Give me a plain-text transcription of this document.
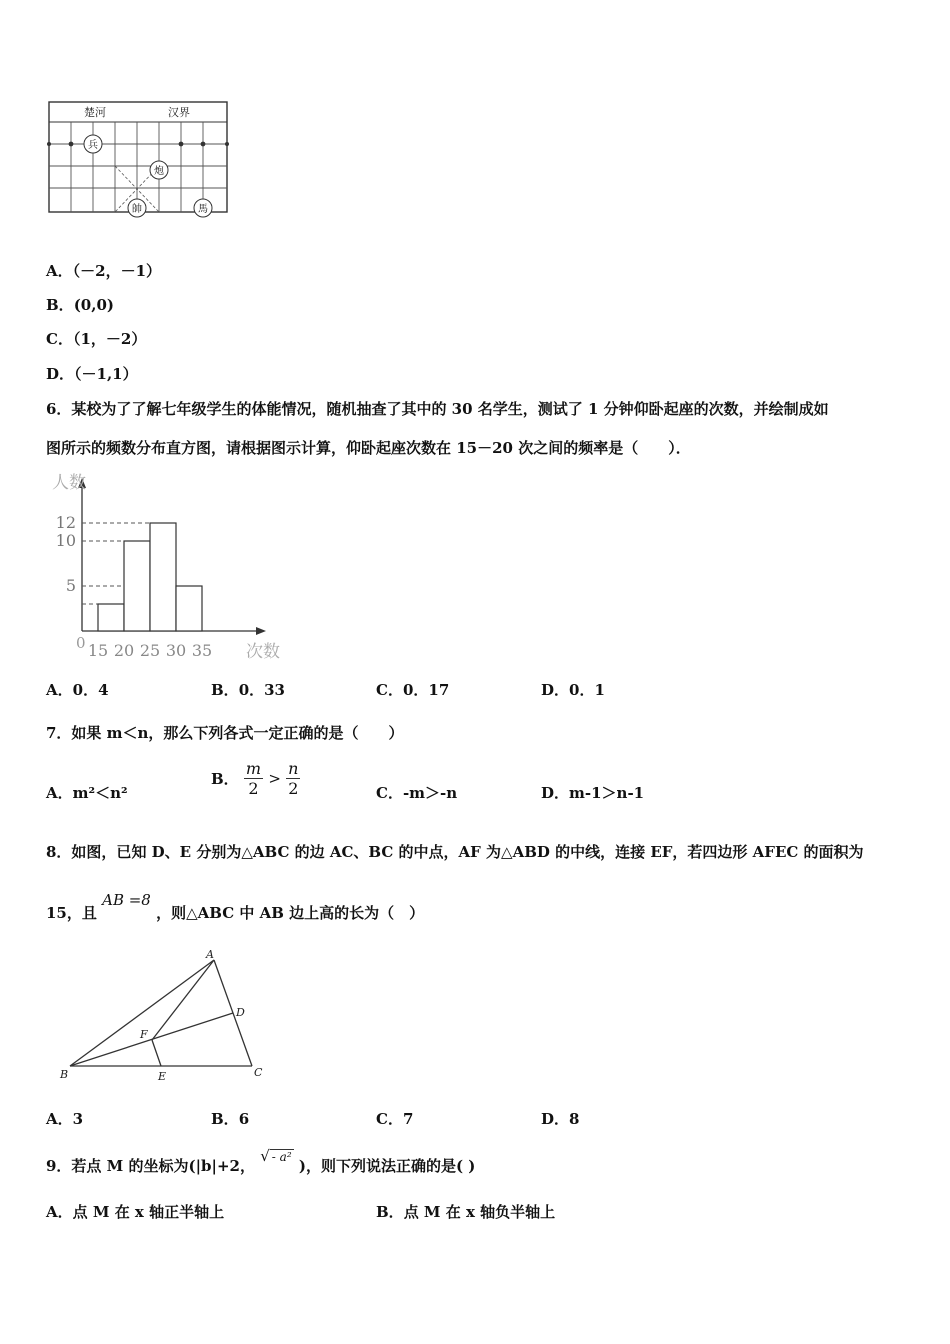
楚河	汉界
兵
炮
帥	馬
A．（－2，－1）
B．(0,0)
C．（1，－2）
D．（－1,1）
6．某校为了了解七年级学生的体能情况，随机抽查了其中的 30 名学生，测试了 1 分钟仰卧起座的次数，并绘制成如
图所示的频数分布直方图，请根据图示计算，仰卧起座次数在 15－20 次之间的频率是（　　）．
人数
次数
0
5
10
12
15 20 25 30 35
A．0．4	B．0．33	C．0．17	D．0．1
7．如果 m＜n，那么下列各式一定正确的是（　　）
A．m²＜n²
B． $\frac{m}{2} > \frac{n}{2}$	C．-m＞-n	D．m-1＞n-1
8．如图，已知 D、E 分别为△ABC 的边 AC、BC 的中点，AF 为△ABD 的中线，连接 EF，若四边形 AFEC 的面积为
15，且 AB =8 ，则△ABC 中 AB 边上高的长为（　）
A
B	C
D
E
F
A．3	B．6	C．7	D．8
9．若点 M 的坐标为(|b|+2， √ - a² )，则下列说法正确的是( )
A．点 M 在 x 轴正半轴上	B．点 M 在 x 轴负半轴上
